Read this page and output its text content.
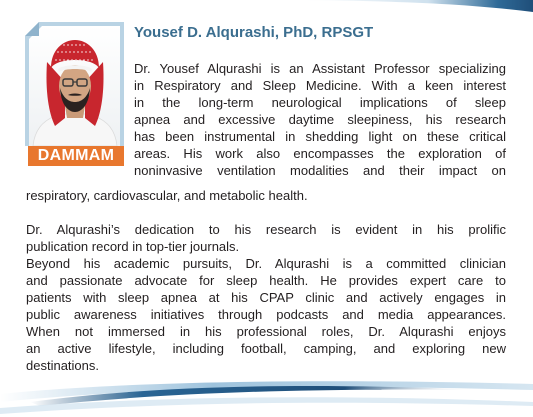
DAMMAM
Yousef D. Alqurashi, PhD, RPSGT
Dr. Yousef Alqurashi is an Assistant Professor specializing
in Respiratory and Sleep Medicine. With a keen interest
in the long-term neurological implications of sleep
apnea and excessive daytime sleepiness, his research
has been instrumental in shedding light on these critical
areas. His work also encompasses the exploration of
noninvasive ventilation modalities and their impact on
respiratory, cardiovascular, and metabolic health.
Dr. Alqurashi’s dedication to his research is evident in his prolific
publication record in top-tier journals.
Beyond his academic pursuits, Dr. Alqurashi is a committed clinician
and passionate advocate for sleep health. He provides expert care to
patients with sleep apnea at his CPAP clinic and actively engages in
public awareness initiatives through podcasts and media appearances.
When not immersed in his professional roles, Dr. Alqurashi enjoys
an active lifestyle, including football, camping, and exploring new
destinations.
